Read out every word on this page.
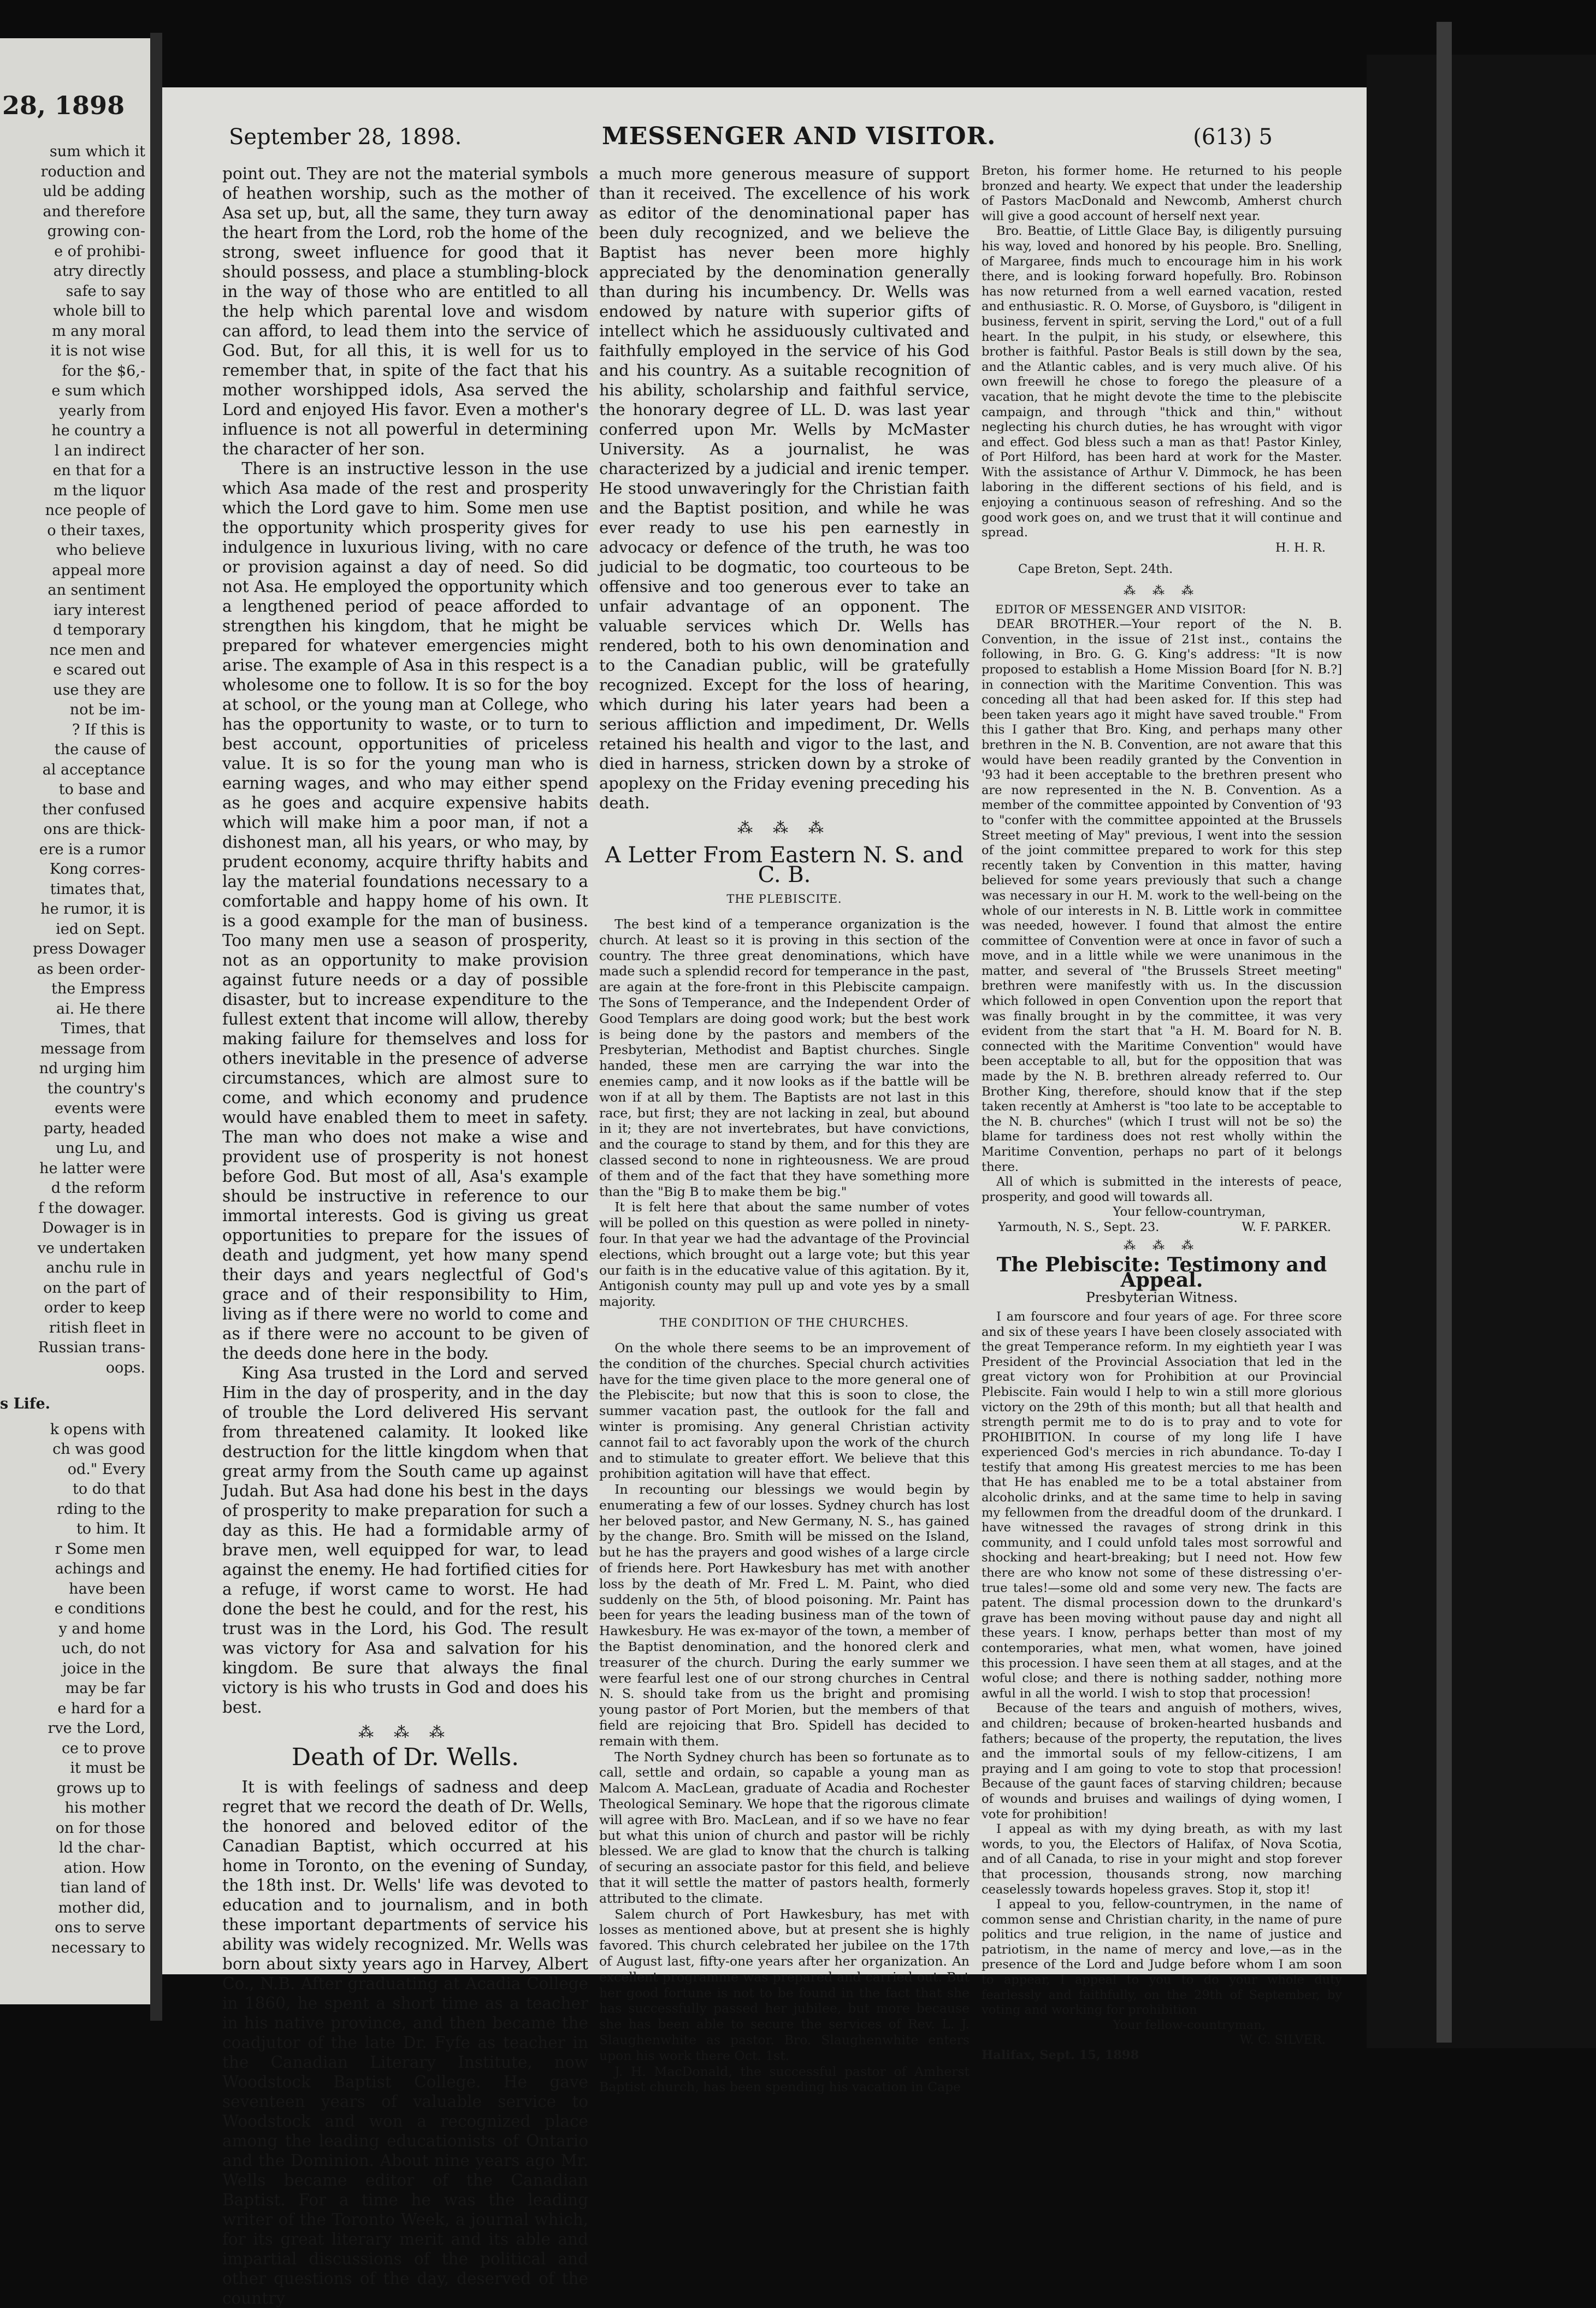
28, 1898
sum which it
roduction and
uld be adding
and therefore
growing con-
e of prohibi-
atry directly
safe to say
whole bill to
m any moral
it is not wise
for the $6,-
e sum which
yearly from
he country a
l an indirect
en that for a
m the liquor
nce people of
o their taxes,
who believe
appeal more
an sentiment
iary interest
d temporary
nce men and
e scared out
use they are
not be im-
? If this is
the cause of
al acceptance
to base and
ther confused
ons are thick-
ere is a rumor
Kong corres-
timates that,
he rumor, it is
ied on Sept.
press Dowager
as been order-
the Empress
ai. He there
Times, that
message from
nd urging him
the country's
events were
party, headed
ung Lu, and
he latter were
d the reform
f the dowager.
Dowager is in
ve undertaken
anchu rule in
on the part of
order to keep
ritish fleet in
Russian trans-
oops.
s Life.
k opens with
ch was good
od." Every
to do that
rding to the
to him. It
r Some men
achings and
have been
e conditions
y and home
uch, do not
joice in the
may be far
e hard for a
rve the Lord,
ce to prove
it must be
grows up to
his mother
on for those
ld the char-
ation. How
tian land of
mother did,
ons to serve
necessary to
September 28, 1898.	MESSENGER AND VISITOR.	(613) 5

point out. They are not the material symbols of heathen worship, such as the mother of Asa set up, but, all the same, they turn away the heart from the Lord, rob the home of the strong, sweet influence for good that it should possess, and place a stumbling-block in the way of those who are entitled to all the help which parental love and wisdom can afford, to lead them into the service of God. But, for all this, it is well for us to remember that, in spite of the fact that his mother worshipped idols, Asa served the Lord and enjoyed His favor. Even a mother's influence is not all powerful in determining the character of her son.

There is an instructive lesson in the use which Asa made of the rest and prosperity which the Lord gave to him. Some men use the opportunity which prosperity gives for indulgence in luxurious living, with no care or provision against a day of need. So did not Asa. He employed the opportunity which a lengthened period of peace afforded to strengthen his kingdom, that he might be prepared for whatever emergencies might arise. The example of Asa in this respect is a wholesome one to follow. It is so for the boy at school, or the young man at College, who has the opportunity to waste, or to turn to best account, opportunities of priceless value. It is so for the young man who is earning wages, and who may either spend as he goes and acquire expensive habits which will make him a poor man, if not a dishonest man, all his years, or who may, by prudent economy, acquire thrifty habits and lay the material foundations necessary to a comfortable and happy home of his own. It is a good example for the man of business. Too many men use a season of prosperity, not as an opportunity to make provision against future needs or a day of possible disaster, but to increase expenditure to the fullest extent that income will allow, thereby making failure for themselves and loss for others inevitable in the presence of adverse circumstances, which are almost sure to come, and which economy and prudence would have enabled them to meet in safety. The man who does not make a wise and provident use of prosperity is not honest before God. But most of all, Asa's example should be instructive in reference to our immortal interests. God is giving us great opportunities to prepare for the issues of death and judgment, yet how many spend their days and years neglectful of God's grace and of their responsibility to Him, living as if there were no world to come and as if there were no account to be given of the deeds done here in the body.

King Asa trusted in the Lord and served Him in the day of prosperity, and in the day of trouble the Lord delivered His servant from threatened calamity. It looked like destruction for the little kingdom when that great army from the South came up against Judah. But Asa had done his best in the days of prosperity to make preparation for such a day as this. He had a formidable army of brave men, well equipped for war, to lead against the enemy. He had fortified cities for a refuge, if worst came to worst. He had done the best he could, and for the rest, his trust was in the Lord, his God. The result was victory for Asa and salvation for his kingdom. Be sure that always the final victory is his who trusts in God and does his best.

⁂ ⁂ ⁂
Death of Dr. Wells.

It is with feelings of sadness and deep regret that we record the death of Dr. Wells, the honored and beloved editor of the Canadian Baptist, which occurred at his home in Toronto, on the evening of Sunday, the 18th inst. Dr. Wells' life was devoted to education and to journalism, and in both these important departments of service his ability was widely recognized. Mr. Wells was born about sixty years ago in Harvey, Albert Co., N.B. After graduating at Acadia College in 1860, he spent a short time as a teacher in his native province, and then became the coadjutor of the late Dr. Fyfe as teacher in the Canadian Literary Institute, now Woodstock Baptist College. He gave seventeen years of valuable service to Woodstock and won a recognized place among the leading educationists of Ontario and the Dominion. About nine years ago Mr. Wells became editor of the Canadian Baptist. For a time he was the leading writer of the Toronto Week, a journal which, for its great literary merit and its able and impartial discussions of the political and other questions of the day, deserved of the country

a much more generous measure of support than it received. The excellence of his work as editor of the denominational paper has been duly recognized, and we believe the Baptist has never been more highly appreciated by the denomination generally than during his incumbency. Dr. Wells was endowed by nature with superior gifts of intellect which he assiduously cultivated and faithfully employed in the service of his God and his country. As a suitable recognition of his ability, scholarship and faithful service, the honorary degree of LL. D. was last year conferred upon Mr. Wells by McMaster University. As a journalist, he was characterized by a judicial and irenic temper. He stood unwaveringly for the Christian faith and the Baptist position, and while he was ever ready to use his pen earnestly in advocacy or defence of the truth, he was too judicial to be dogmatic, too courteous to be offensive and too generous ever to take an unfair advantage of an opponent. The valuable services which Dr. Wells has rendered, both to his own denomination and to the Canadian public, will be gratefully recognized. Except for the loss of hearing, which during his later years had been a serious affliction and impediment, Dr. Wells retained his health and vigor to the last, and died in harness, stricken down by a stroke of apoplexy on the Friday evening preceding his death.

⁂ ⁂ ⁂
A Letter From Eastern N. S. and C. B.
THE PLEBISCITE.

The best kind of a temperance organization is the church. At least so it is proving in this section of the country. The three great denominations, which have made such a splendid record for temperance in the past, are again at the fore-front in this Plebiscite campaign. The Sons of Temperance, and the Independent Order of Good Templars are doing good work; but the best work is being done by the pastors and members of the Presbyterian, Methodist and Baptist churches. Single handed, these men are carrying the war into the enemies camp, and it now looks as if the battle will be won if at all by them. The Baptists are not last in this race, but first; they are not lacking in zeal, but abound in it; they are not invertebrates, but have convictions, and the courage to stand by them, and for this they are classed second to none in righteousness. We are proud of them and of the fact that they have something more than the "Big B to make them be big."

It is felt here that about the same number of votes will be polled on this question as were polled in ninety-four. In that year we had the advantage of the Provincial elections, which brought out a large vote; but this year our faith is in the educative value of this agitation. By it, Antigonish county may pull up and vote yes by a small majority.

THE CONDITION OF THE CHURCHES.

On the whole there seems to be an improvement of the condition of the churches. Special church activities have for the time given place to the more general one of the Plebiscite; but now that this is soon to close, the summer vacation past, the outlook for the fall and winter is promising. Any general Christian activity cannot fail to act favorably upon the work of the church and to stimulate to greater effort. We believe that this prohibition agitation will have that effect.

In recounting our blessings we would begin by enumerating a few of our losses. Sydney church has lost her beloved pastor, and New Germany, N. S., has gained by the change. Bro. Smith will be missed on the Island, but he has the prayers and good wishes of a large circle of friends here. Port Hawkesbury has met with another loss by the death of Mr. Fred L. M. Paint, who died suddenly on the 5th, of blood poisoning. Mr. Paint has been for years the leading business man of the town of Hawkesbury. He was ex-mayor of the town, a member of the Baptist denomination, and the honored clerk and treasurer of the church. During the early summer we were fearful lest one of our strong churches in Central N. S. should take from us the bright and promising young pastor of Port Morien, but the members of that field are rejoicing that Bro. Spidell has decided to remain with them.

The North Sydney church has been so fortunate as to call, settle and ordain, so capable a young man as Malcom A. MacLean, graduate of Acadia and Rochester Theological Seminary. We hope that the rigorous climate will agree with Bro. MacLean, and if so we have no fear but what this union of church and pastor will be richly blessed. We are glad to know that the church is talking of securing an associate pastor for this field, and believe that it will settle the matter of pastors health, formerly attributed to the climate.

Salem church of Port Hawkesbury, has met with losses as mentioned above, but at present she is highly favored. This church celebrated her jubilee on the 17th of August last, fifty-one years after her organization. An excellent programme was prepared and carried out. But her good fortune is not to be found in the fact that she has successfully passed her jubilee, but more because she has been able to secure the services of Rev. L. J. Slaughenwhite as pastor. Bro. Slaughenwhite enters upon his work there Oct. 1st.

J. H. MacDonald, the successful pastor of Amherst Baptist church, has been spending his vacation in Cape

Breton, his former home. He returned to his people bronzed and hearty. We expect that under the leadership of Pastors MacDonald and Newcomb, Amherst church will give a good account of herself next year.

Bro. Beattie, of Little Glace Bay, is diligently pursuing his way, loved and honored by his people. Bro. Snelling, of Margaree, finds much to encourage him in his work there, and is looking forward hopefully. Bro. Robinson has now returned from a well earned vacation, rested and enthusiastic. R. O. Morse, of Guysboro, is "diligent in business, fervent in spirit, serving the Lord," out of a full heart. In the pulpit, in his study, or elsewhere, this brother is faithful. Pastor Beals is still down by the sea, and the Atlantic cables, and is very much alive. Of his own freewill he chose to forego the pleasure of a vacation, that he might devote the time to the plebiscite campaign, and through "thick and thin," without neglecting his church duties, he has wrought with vigor and effect. God bless such a man as that! Pastor Kinley, of Port Hilford, has been hard at work for the Master. With the assistance of Arthur V. Dimmock, he has been laboring in the different sections of his field, and is enjoying a continuous season of refreshing. And so the good work goes on, and we trust that it will continue and spread.

H. H. R.

Cape Breton, Sept. 24th.

⁂ ⁂ ⁂

EDITOR OF MESSENGER AND VISITOR:

DEAR BROTHER.—Your report of the N. B. Convention, in the issue of 21st inst., contains the following, in Bro. G. G. King's address: "It is now proposed to establish a Home Mission Board [for N. B.?] in connection with the Maritime Convention. This was conceding all that had been asked for. If this step had been taken years ago it might have saved trouble." From this I gather that Bro. King, and perhaps many other brethren in the N. B. Convention, are not aware that this would have been readily granted by the Convention in '93 had it been acceptable to the brethren present who are now represented in the N. B. Convention. As a member of the committee appointed by Convention of '93 to "confer with the committee appointed at the Brussels Street meeting of May" previous, I went into the session of the joint committee prepared to work for this step recently taken by Convention in this matter, having believed for some years previously that such a change was necessary in our H. M. work to the well-being on the whole of our interests in N. B. Little work in committee was needed, however. I found that almost the entire committee of Convention were at once in favor of such a move, and in a little while we were unanimous in the matter, and several of "the Brussels Street meeting" brethren were manifestly with us. In the discussion which followed in open Convention upon the report that was finally brought in by the committee, it was very evident from the start that "a H. M. Board for N. B. connected with the Maritime Convention" would have been acceptable to all, but for the opposition that was made by the N. B. brethren already referred to. Our Brother King, therefore, should know that if the step taken recently at Amherst is "too late to be acceptable to the N. B. churches" (which I trust will not be so) the blame for tardiness does not rest wholly within the Maritime Convention, perhaps no part of it belongs there.

All of which is submitted in the interests of peace, prosperity, and good will towards all.

Your fellow-countryman,

Yarmouth, N. S., Sept. 23.	W. F. PARKER.
⁂ ⁂ ⁂
The Plebiscite: Testimony and Appeal.
Presbyterian Witness.

I am fourscore and four years of age. For three score and six of these years I have been closely associated with the great Temperance reform. In my eightieth year I was President of the Provincial Association that led in the great victory won for Prohibition at our Provincial Plebiscite. Fain would I help to win a still more glorious victory on the 29th of this month; but all that health and strength permit me to do is to pray and to vote for PROHIBITION. In course of my long life I have experienced God's mercies in rich abundance. To-day I testify that among His greatest mercies to me has been that He has enabled me to be a total abstainer from alcoholic drinks, and at the same time to help in saving my fellowmen from the dreadful doom of the drunkard. I have witnessed the ravages of strong drink in this community, and I could unfold tales most sorrowful and shocking and heart-breaking; but I need not. How few there are who know not some of these distressing o'er-true tales!—some old and some very new. The facts are patent. The dismal procession down to the drunkard's grave has been moving without pause day and night all these years. I know, perhaps better than most of my contemporaries, what men, what women, have joined this procession. I have seen them at all stages, and at the woful close; and there is nothing sadder, nothing more awful in all the world. I wish to stop that procession!

Because of the tears and anguish of mothers, wives, and children; because of broken-hearted husbands and fathers; because of the property, the reputation, the lives and the immortal souls of my fellow-citizens, I am praying and I am going to vote to stop that procession! Because of the gaunt faces of starving children; because of wounds and bruises and wailings of dying women, I vote for prohibition!

I appeal as with my dying breath, as with my last words, to you, the Electors of Halifax, of Nova Scotia, and of all Canada, to rise in your might and stop forever that procession, thousands strong, now marching ceaselessly towards hopeless graves. Stop it, stop it!

I appeal to you, fellow-countrymen, in the name of common sense and Christian charity, in the name of pure politics and true religion, in the name of justice and patriotism, in the name of mercy and love,—as in the presence of the Lord and Judge before whom I am soon to appear, I appeal to you to do your whole duty fearlessly and faithfully, on the 29th of September, by voting and working for prohibition

Your fellow-countryman,

W. C. SILVER.

Halifax, Sept. 15, 1898
